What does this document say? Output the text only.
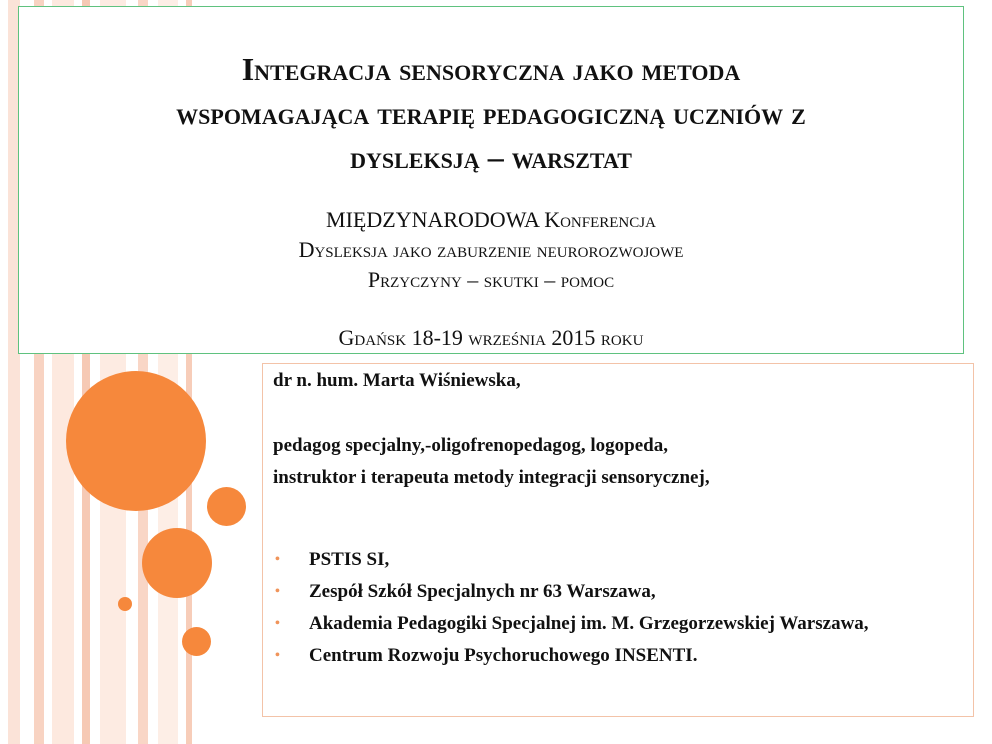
Integracja sensoryczna jako metoda
wspomagająca terapię pedagogiczną uczniów z
dysleksją – warsztat
MIĘDZYNARODOWA Konferencja
Dysleksja jako zaburzenie neurorozwojowe
Przyczyny – skutki – pomoc
Gdańsk 18-19 września 2015 roku
dr n. hum. Marta Wiśniewska,
pedagog specjalny,-oligofrenopedagog, logopeda,
instruktor i terapeuta metody integracji sensorycznej,
• PSTIS SI,
• Zespół Szkół Specjalnych nr 63 Warszawa,
• Akademia Pedagogiki Specjalnej im. M. Grzegorzewskiej Warszawa,
• Centrum Rozwoju Psychoruchowego INSENTI.
